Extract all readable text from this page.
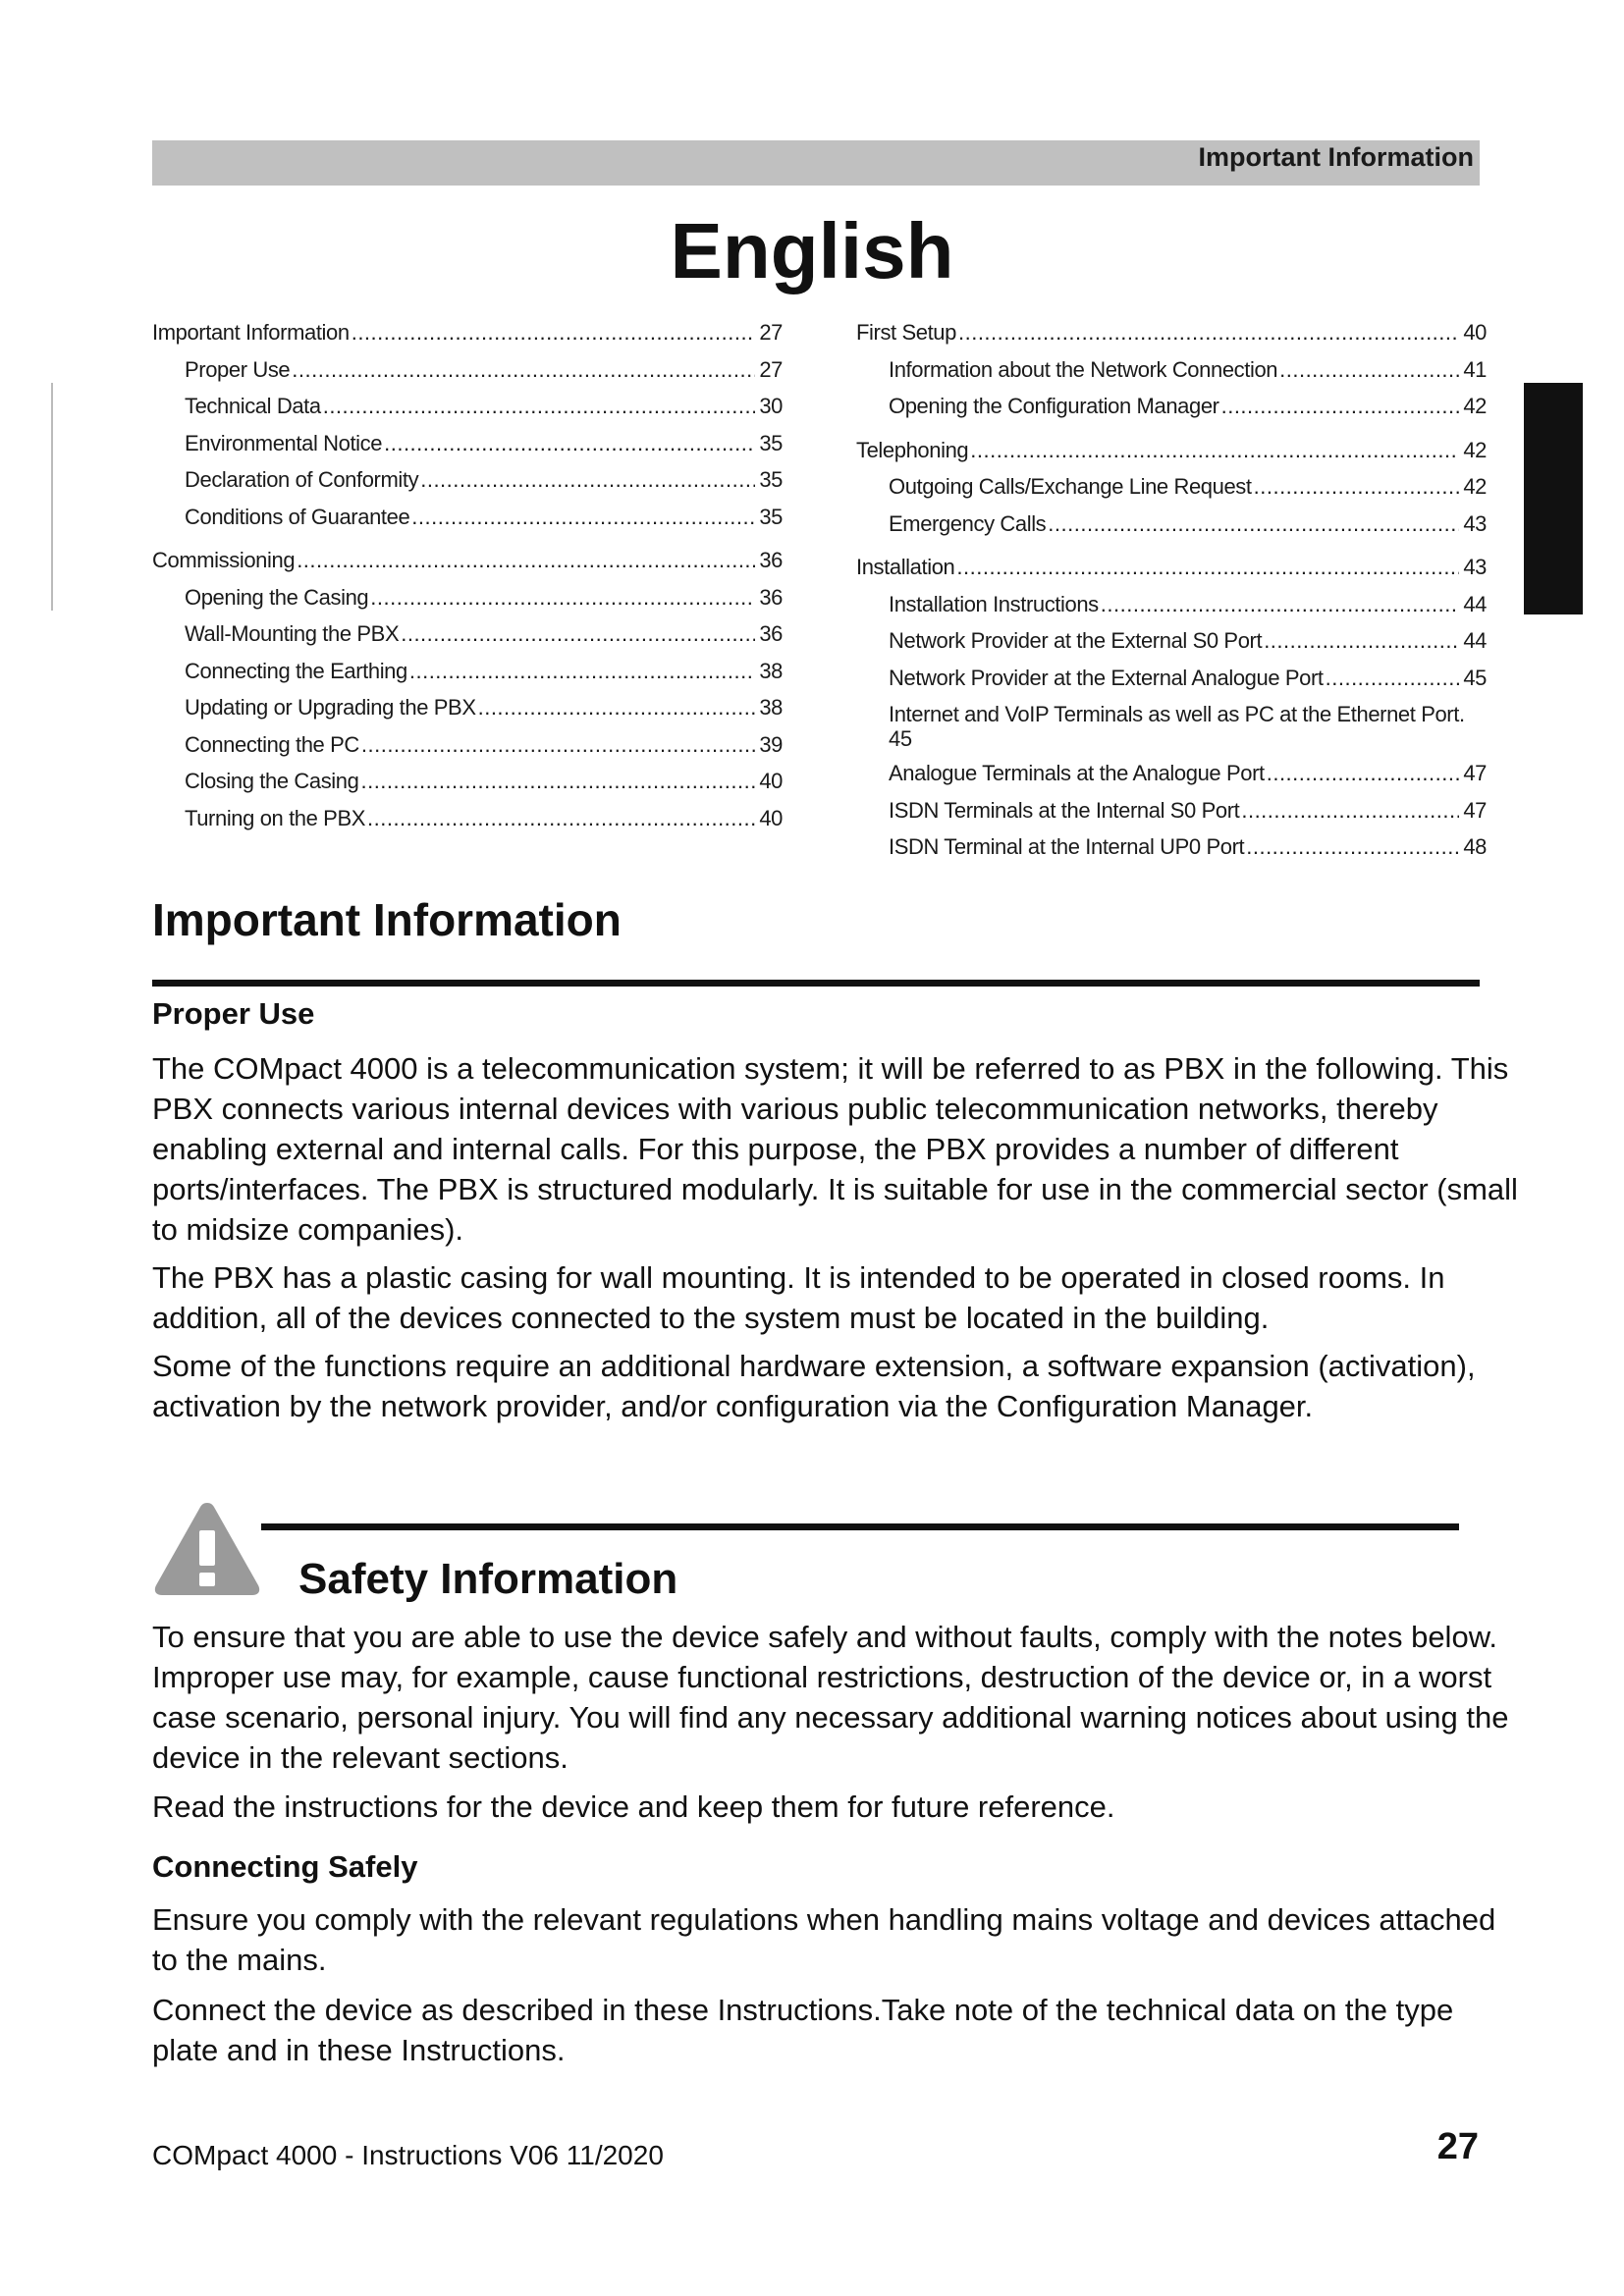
Important Information
English
Important Information .....	27
Proper Use .....	27
Technical Data .....	30
Environmental Notice .....	35
Declaration of Conformity .....	35
Conditions of Guarantee .....	35
Commissioning .....	36
Opening the Casing .....	36
Wall-Mounting the PBX .....	36
Connecting the Earthing .....	38
Updating or Upgrading the PBX .....	38
Connecting the PC .....	39
Closing the Casing .....	40
Turning on the PBX .....	40
First Setup .....	40
Information about the Network Connection .....	41
Opening the Configuration Manager .....	42
Telephoning .....	42
Outgoing Calls/Exchange Line Request .....	42
Emergency Calls .....	43
Installation .....	43
Installation Instructions .....	44
Network Provider at the External S0 Port .....	44
Network Provider at the External Analogue Port .....	45
Internet and VoIP Terminals as well as PC at the Ethernet Port.
45
Analogue Terminals at the Analogue Port .....	47
ISDN Terminals at the Internal S0 Port .....	47
ISDN Terminal at the Internal UP0 Port .....	48
Important Information
Proper Use

The COMpact 4000 is a telecommunication system; it will be referred to as PBX in the following. This PBX connects various internal devices with various public telecommunication networks, thereby enabling external and internal calls. For this purpose, the PBX provides a number of different ports/interfaces. The PBX is structured modularly. It is suitable for use in the commercial sector (small to midsize companies).

The PBX has a plastic casing for wall mounting. It is intended to be operated in closed rooms. In addition, all of the devices connected to the system must be located in the building.

Some of the functions require an additional hardware extension, a software expansion (activation), activation by the network provider, and/or configuration via the Configuration Manager.

Safety Information

To ensure that you are able to use the device safely and without faults, comply with the notes below. Improper use may, for example, cause functional restrictions, destruction of the device or, in a worst case scenario, personal injury. You will find any necessary additional warning notices about using the device in the relevant sections.

Read the instructions for the device and keep them for future reference.

Connecting Safely

Ensure you comply with the relevant regulations when handling mains voltage and devices attached to the mains.

Connect the device as described in these Instructions.Take note of the technical data on the type plate and in these Instructions.

COMpact 4000 - Instructions V06 11/2020	27
